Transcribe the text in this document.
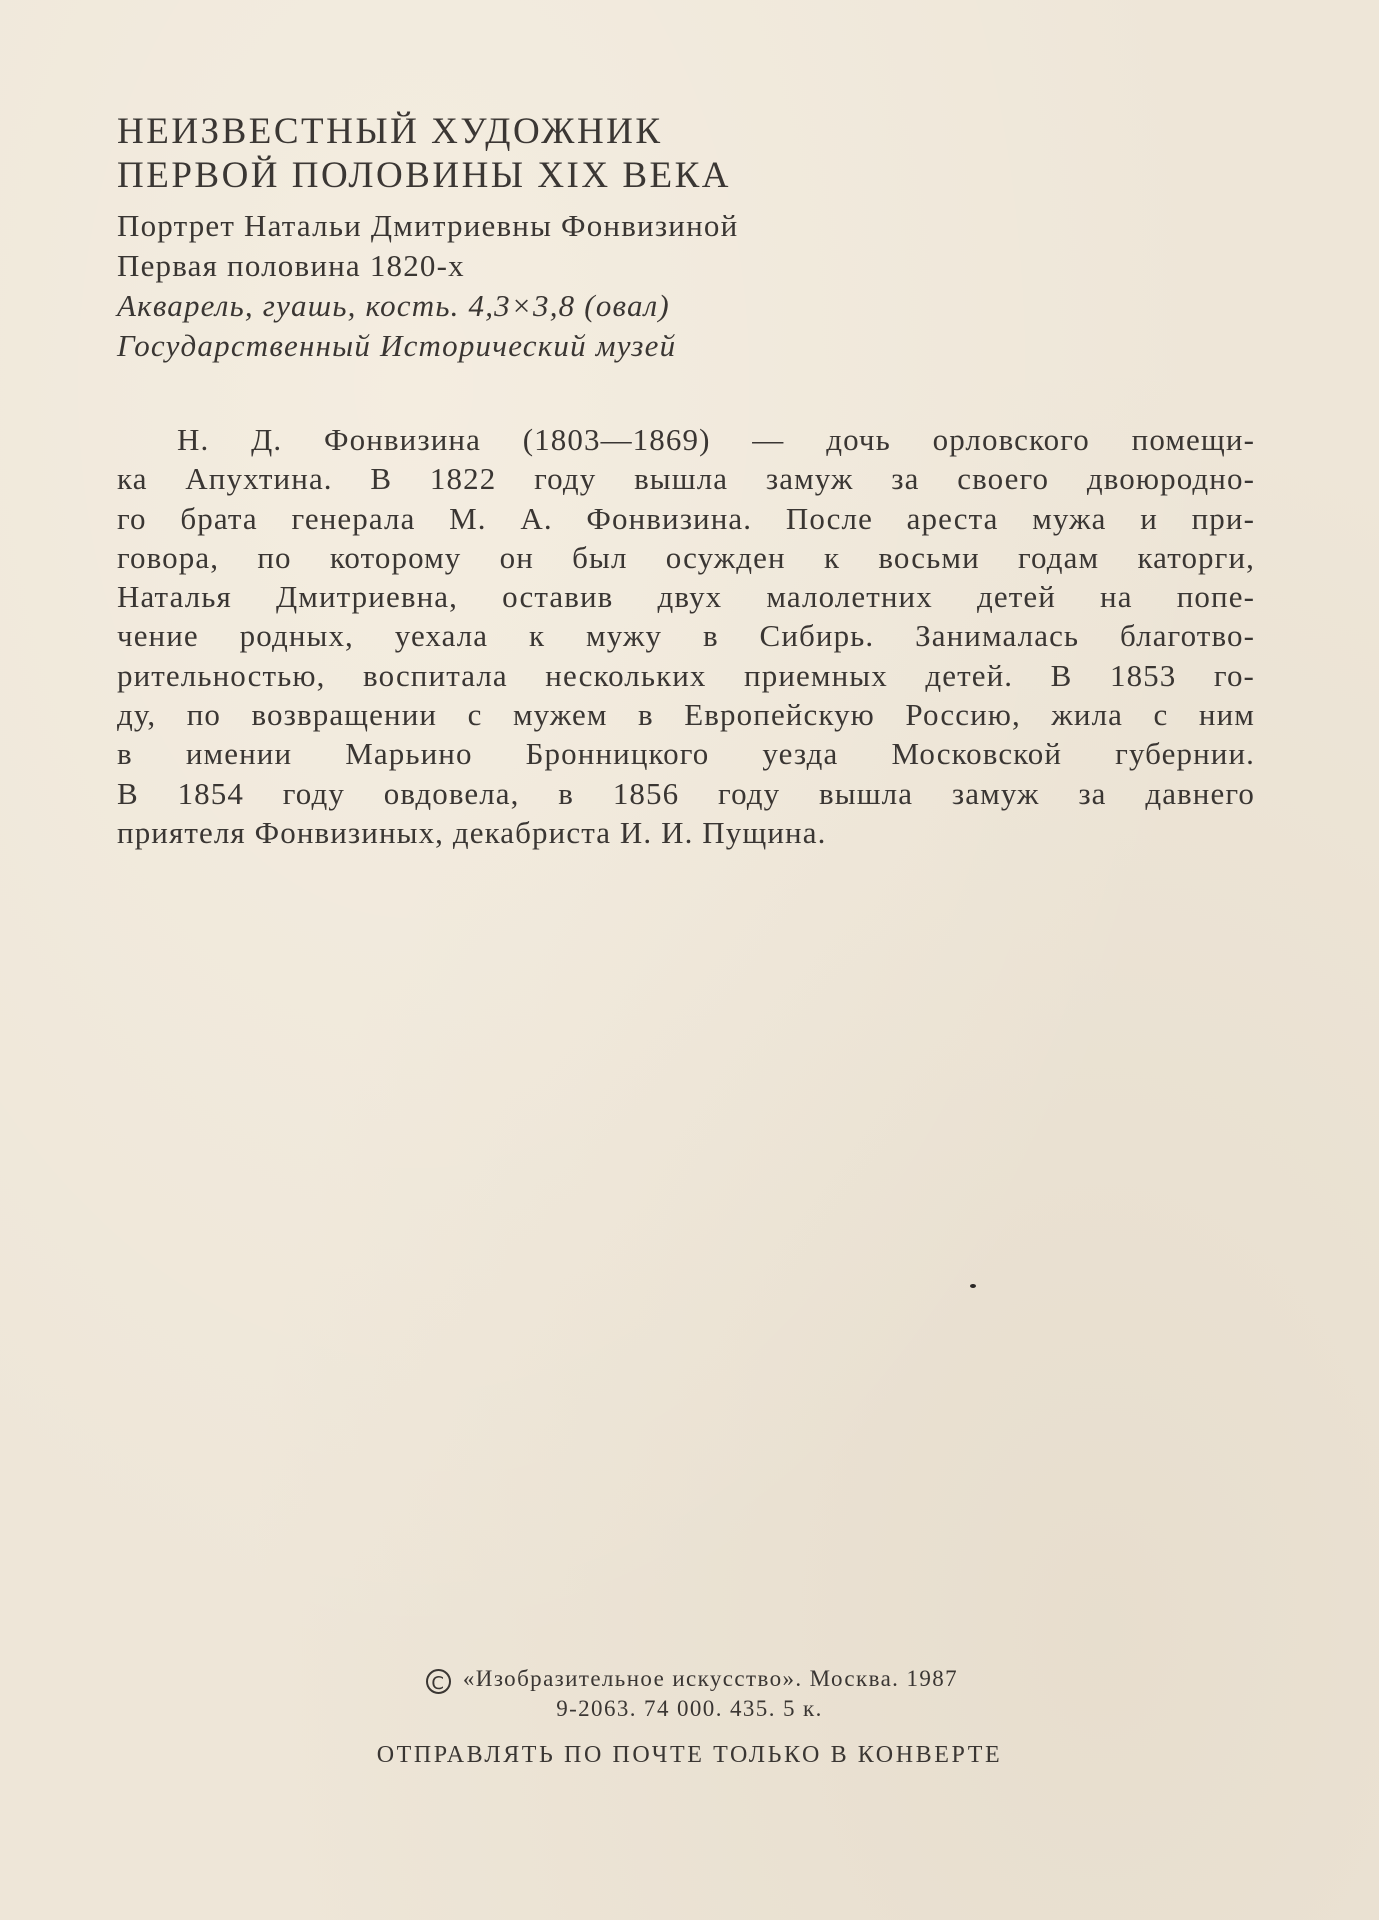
НЕИЗВЕСТНЫЙ ХУДОЖНИК
ПЕРВОЙ ПОЛОВИНЫ XIX ВЕКА
Портрет Натальи Дмитриевны Фонвизиной
Первая половина 1820-х
Акварель, гуашь, кость. 4,3×3,8 (овал)
Государственный Исторический музей
Н. Д. Фонвизина (1803—1869) — дочь орловского помещи-
ка Апухтина. В 1822 году вышла замуж за своего двоюродно-
го брата генерала М. А. Фонвизина. После ареста мужа и при-
говора, по которому он был осужден к восьми годам каторги,
Наталья Дмитриевна, оставив двух малолетних детей на попе-
чение родных, уехала к мужу в Сибирь. Занималась благотво-
рительностью, воспитала нескольких приемных детей. В 1853 го-
ду, по возвращении с мужем в Европейскую Россию, жила с ним
в имении Марьино Бронницкого уезда Московской губернии.
В 1854 году овдовела, в 1856 году вышла замуж за давнего
приятеля Фонвизиных, декабриста И. И. Пущина.
C «Изобразительное искусство». Москва. 1987
9-2063. 74 000. 435. 5 к.
ОТПРАВЛЯТЬ ПО ПОЧТЕ ТОЛЬКО В КОНВЕРТЕ
